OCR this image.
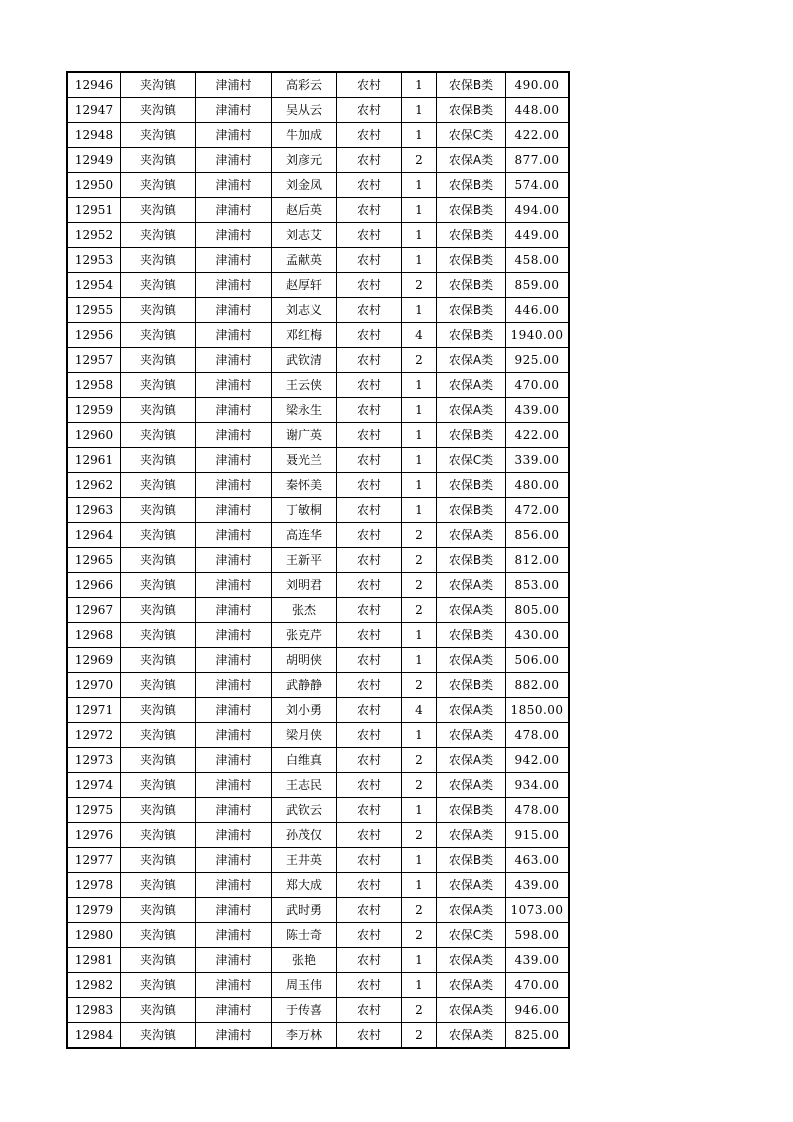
12946	夹沟镇	津浦村	高彩云	农村	1	农保B类	490.00
12947	夹沟镇	津浦村	吴从云	农村	1	农保B类	448.00
12948	夹沟镇	津浦村	牛加成	农村	1	农保C类	422.00
12949	夹沟镇	津浦村	刘彦元	农村	2	农保A类	877.00
12950	夹沟镇	津浦村	刘金凤	农村	1	农保B类	574.00
12951	夹沟镇	津浦村	赵后英	农村	1	农保B类	494.00
12952	夹沟镇	津浦村	刘志艾	农村	1	农保B类	449.00
12953	夹沟镇	津浦村	孟献英	农村	1	农保B类	458.00
12954	夹沟镇	津浦村	赵厚轩	农村	2	农保B类	859.00
12955	夹沟镇	津浦村	刘志义	农村	1	农保B类	446.00
12956	夹沟镇	津浦村	邓红梅	农村	4	农保B类	1940.00
12957	夹沟镇	津浦村	武钦清	农村	2	农保A类	925.00
12958	夹沟镇	津浦村	王云侠	农村	1	农保A类	470.00
12959	夹沟镇	津浦村	梁永生	农村	1	农保A类	439.00
12960	夹沟镇	津浦村	谢广英	农村	1	农保B类	422.00
12961	夹沟镇	津浦村	聂光兰	农村	1	农保C类	339.00
12962	夹沟镇	津浦村	秦怀美	农村	1	农保B类	480.00
12963	夹沟镇	津浦村	丁敏桐	农村	1	农保B类	472.00
12964	夹沟镇	津浦村	高连华	农村	2	农保A类	856.00
12965	夹沟镇	津浦村	王新平	农村	2	农保B类	812.00
12966	夹沟镇	津浦村	刘明君	农村	2	农保A类	853.00
12967	夹沟镇	津浦村	张杰	农村	2	农保A类	805.00
12968	夹沟镇	津浦村	张克芹	农村	1	农保B类	430.00
12969	夹沟镇	津浦村	胡明侠	农村	1	农保A类	506.00
12970	夹沟镇	津浦村	武静静	农村	2	农保B类	882.00
12971	夹沟镇	津浦村	刘小勇	农村	4	农保A类	1850.00
12972	夹沟镇	津浦村	梁月侠	农村	1	农保A类	478.00
12973	夹沟镇	津浦村	白维真	农村	2	农保A类	942.00
12974	夹沟镇	津浦村	王志民	农村	2	农保A类	934.00
12975	夹沟镇	津浦村	武钦云	农村	1	农保B类	478.00
12976	夹沟镇	津浦村	孙茂仅	农村	2	农保A类	915.00
12977	夹沟镇	津浦村	王井英	农村	1	农保B类	463.00
12978	夹沟镇	津浦村	郑大成	农村	1	农保A类	439.00
12979	夹沟镇	津浦村	武时勇	农村	2	农保A类	1073.00
12980	夹沟镇	津浦村	陈士奇	农村	2	农保C类	598.00
12981	夹沟镇	津浦村	张艳	农村	1	农保A类	439.00
12982	夹沟镇	津浦村	周玉伟	农村	1	农保A类	470.00
12983	夹沟镇	津浦村	于传喜	农村	2	农保A类	946.00
12984	夹沟镇	津浦村	李万林	农村	2	农保A类	825.00
